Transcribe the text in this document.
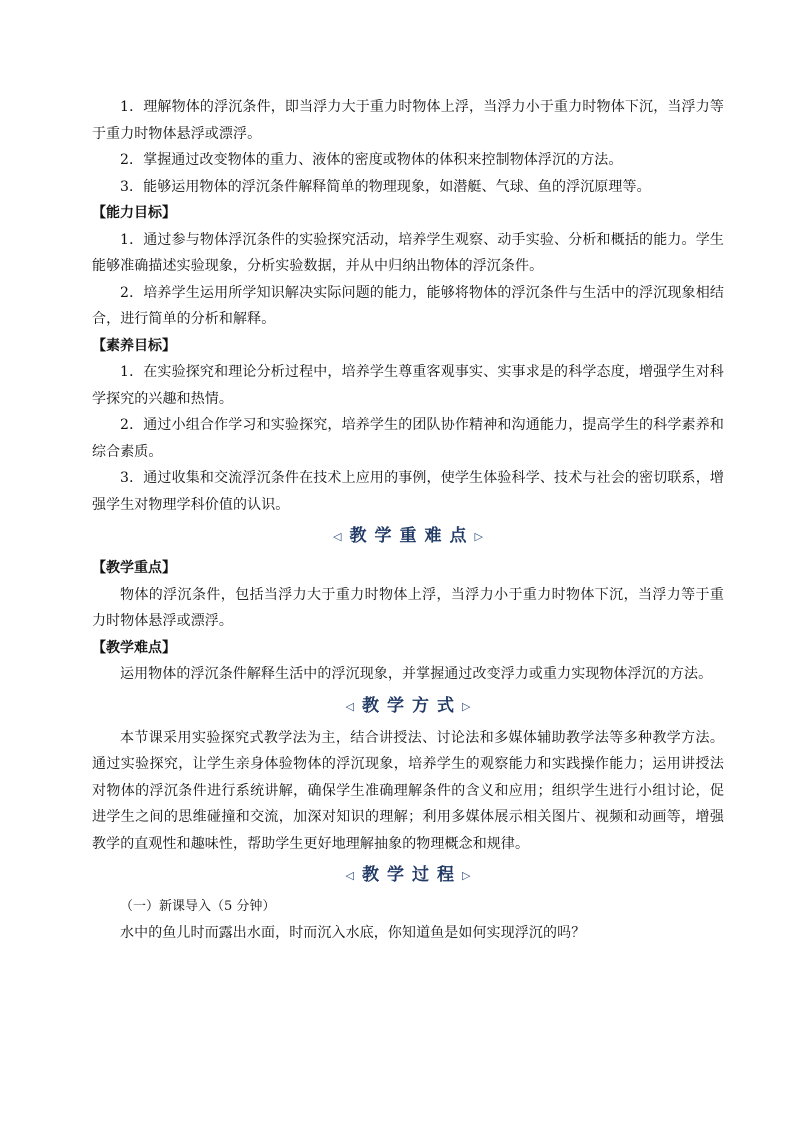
1．理解物体的浮沉条件，即当浮力大于重力时物体上浮，当浮力小于重力时物体下沉，当浮力等于重力时物体悬浮或漂浮。

2．掌握通过改变物体的重力、液体的密度或物体的体积来控制物体浮沉的方法。

3．能够运用物体的浮沉条件解释简单的物理现象，如潜艇、气球、鱼的浮沉原理等。

【能力目标】

1．通过参与物体浮沉条件的实验探究活动，培养学生观察、动手实验、分析和概括的能力。学生能够准确描述实验现象，分析实验数据，并从中归纳出物体的浮沉条件。

2．培养学生运用所学知识解决实际问题的能力，能够将物体的浮沉条件与生活中的浮沉现象相结合，进行简单的分析和解释。

【素养目标】

1．在实验探究和理论分析过程中，培养学生尊重客观事实、实事求是的科学态度，增强学生对科学探究的兴趣和热情。

2．通过小组合作学习和实验探究，培养学生的团队协作精神和沟通能力，提高学生的科学素养和综合素质。

3．通过收集和交流浮沉条件在技术上应用的事例，使学生体验科学、技术与社会的密切联系，增强学生对物理学科价值的认识。

◁ 教学重难点 ▷

【教学重点】

物体的浮沉条件，包括当浮力大于重力时物体上浮，当浮力小于重力时物体下沉，当浮力等于重力时物体悬浮或漂浮。

【教学难点】

运用物体的浮沉条件解释生活中的浮沉现象，并掌握通过改变浮力或重力实现物体浮沉的方法。

◁ 教学方式 ▷

本节课采用实验探究式教学法为主，结合讲授法、讨论法和多媒体辅助教学法等多种教学方法。通过实验探究，让学生亲身体验物体的浮沉现象，培养学生的观察能力和实践操作能力；运用讲授法对物体的浮沉条件进行系统讲解，确保学生准确理解条件的含义和应用；组织学生进行小组讨论，促进学生之间的思维碰撞和交流，加深对知识的理解；利用多媒体展示相关图片、视频和动画等，增强教学的直观性和趣味性，帮助学生更好地理解抽象的物理概念和规律。

◁ 教学过程 ▷

（一）新课导入（5 分钟）

水中的鱼儿时而露出水面，时而沉入水底，你知道鱼是如何实现浮沉的吗？
